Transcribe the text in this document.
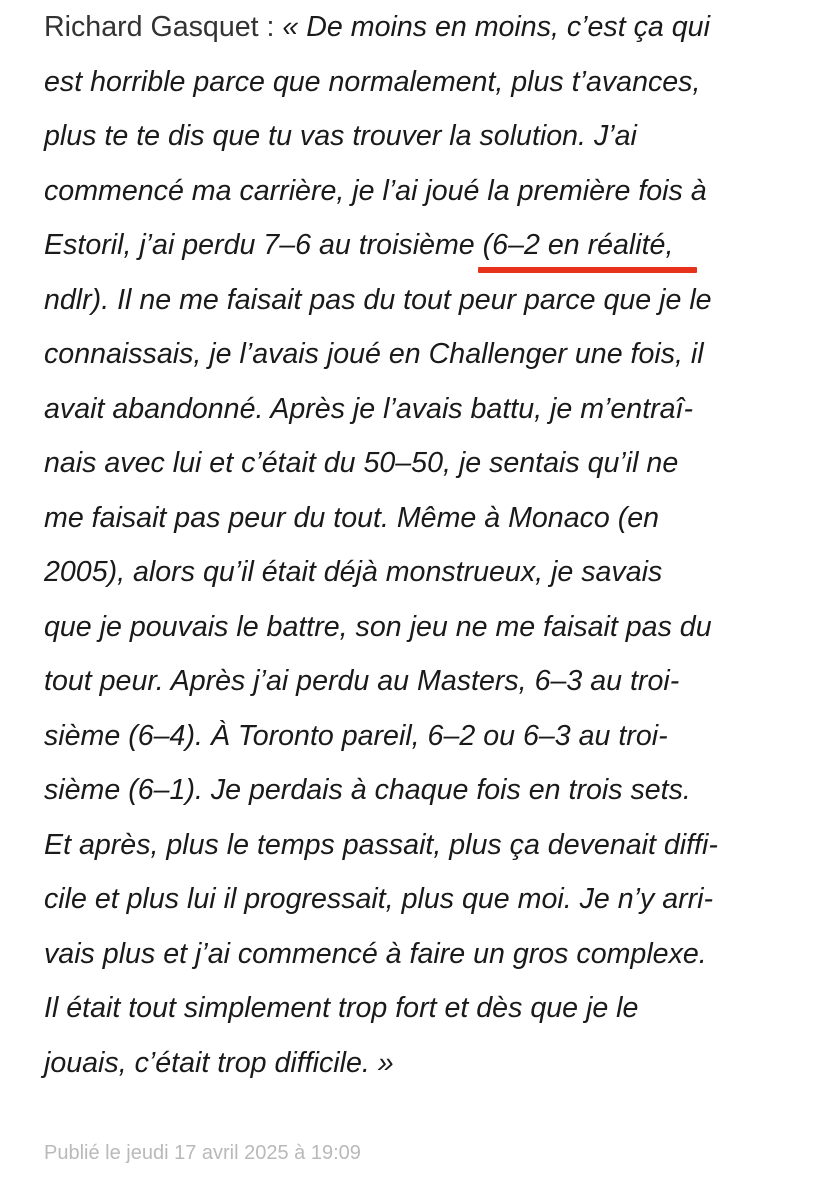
Richard Gasquet : « De moins en moins, c’est ça qui
est horrible parce que normalement, plus t’avances,
plus te te dis que tu vas trouver la solution. J’ai
commencé ma carrière, je l’ai joué la première fois à
Estoril, j’ai perdu 7–6 au troisième (6–2 en réalité,
ndlr). Il ne me faisait pas du tout peur parce que je le
connaissais, je l’avais joué en Challenger une fois, il
avait abandonné. Après je l’avais battu, je m’entraî-
nais avec lui et c’était du 50–50, je sentais qu’il ne
me faisait pas peur du tout. Même à Monaco (en
2005), alors qu’il était déjà monstrueux, je savais
que je pouvais le battre, son jeu ne me faisait pas du
tout peur. Après j’ai perdu au Masters, 6–3 au troi-
sième (6–4). À Toronto pareil, 6–2 ou 6–3 au troi-
sième (6–1). Je perdais à chaque fois en trois sets.
Et après, plus le temps passait, plus ça devenait diffi-
cile et plus lui il progressait, plus que moi. Je n’y arri-
vais plus et j’ai commencé à faire un gros complexe.
Il était tout simplement trop fort et dès que je le
jouais, c’était trop difficile. »
Publié le jeudi 17 avril 2025 à 19:09
